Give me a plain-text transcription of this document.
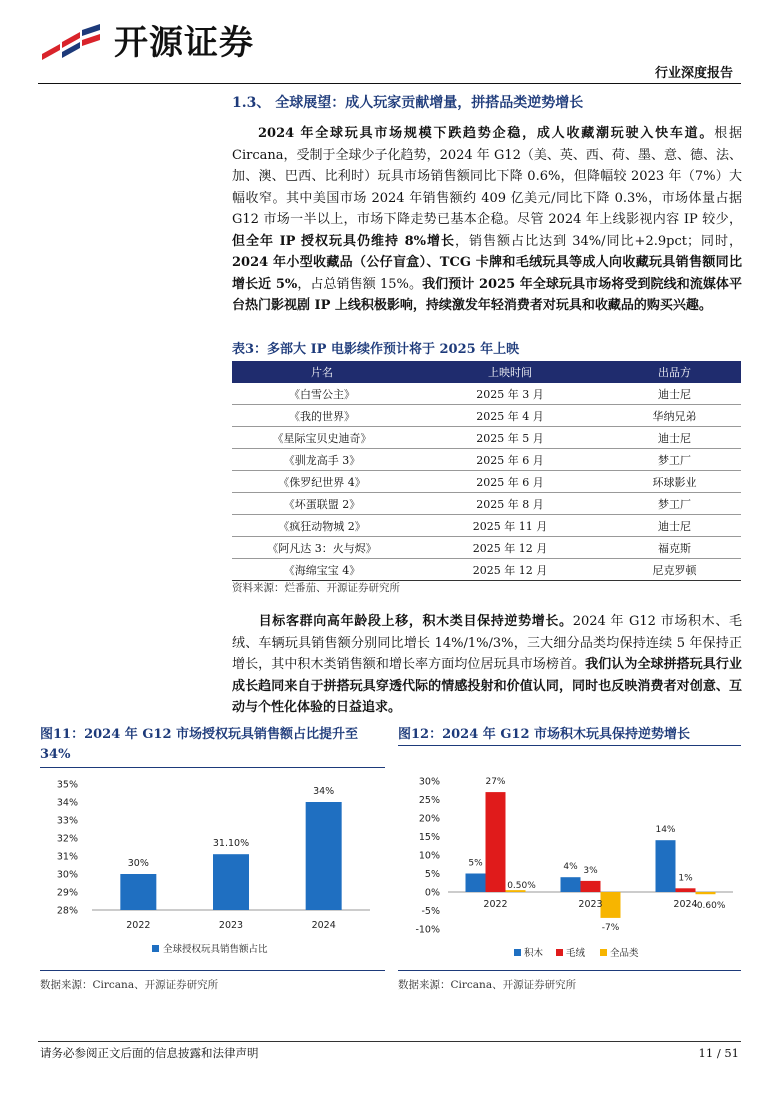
开源证券
行业深度报告
1.3、 全球展望：成人玩家贡献增量，拼搭品类逆势增长
2024 年全球玩具市场规模下跌趋势企稳，成人收藏潮玩驶入快车道。根据 Circana，受制于全球少子化趋势，2024 年 G12（美、英、西、荷、墨、意、德、法、加、澳、巴西、比利时）玩具市场销售额同比下降 0.6%，但降幅较 2023 年（7%）大幅收窄。其中美国市场 2024 年销售额约 409 亿美元/同比下降 0.3%，市场体量占据 G12 市场一半以上，市场下降走势已基本企稳。尽管 2024 年上线影视内容 IP 较少，但全年 IP 授权玩具仍维持 8%增长，销售额占比达到 34%/同比+2.9pct；同时，2024 年小型收藏品（公仔盲盒）、TCG 卡牌和毛绒玩具等成人向收藏玩具销售额同比增长近 5%，占总销售额 15%。我们预计 2025 年全球玩具市场将受到院线和流媒体平台热门影视剧 IP 上线积极影响，持续激发年轻消费者对玩具和收藏品的购买兴趣。
表3：多部大 IP 电影续作预计将于 2025 年上映
片名	上映时间	出品方
《白雪公主》	2025 年 3 月	迪士尼
《我的世界》	2025 年 4 月	华纳兄弟
《星际宝贝史迪奇》	2025 年 5 月	迪士尼
《驯龙高手 3》	2025 年 6 月	梦工厂
《侏罗纪世界 4》	2025 年 6 月	环球影业
《坏蛋联盟 2》	2025 年 8 月	梦工厂
《疯狂动物城 2》	2025 年 11 月	迪士尼
《阿凡达 3：火与烬》	2025 年 12 月	福克斯
《海绵宝宝 4》	2025 年 12 月	尼克罗顿
资料来源：烂番茄、开源证券研究所
目标客群向高年龄段上移，积木类目保持逆势增长。2024 年 G12 市场积木、毛绒、车辆玩具销售额分别同比增长 14%/1%/3%，三大细分品类均保持连续 5 年保持正增长，其中积木类销售额和增长率方面均位居玩具市场榜首。我们认为全球拼搭玩具行业成长趋同来自于拼搭玩具穿透代际的情感投射和价值认同，同时也反映消费者对创意、互动与个性化体验的日益追求。
图11：2024 年 G12 市场授权玩具销售额占比提升至 34%
图12：2024 年 G12 市场积木玩具保持逆势增长
28%
29%
30%
31%
32%
33%
34%
35%
30%
2022
31.10%
2023
34%
2024
全球授权玩具销售额占比
-10%
-5%
0%
5%
10%
15%
20%
25%
30%
5%
27%
0.50%
2022
4% 3%
-7%
2023
14%
1%
-0.60%
2024
积木 毛绒	全品类
数据来源：Circana、开源证券研究所	数据来源：Circana、开源证券研究所
请务必参阅正文后面的信息披露和法律声明	11 / 51
